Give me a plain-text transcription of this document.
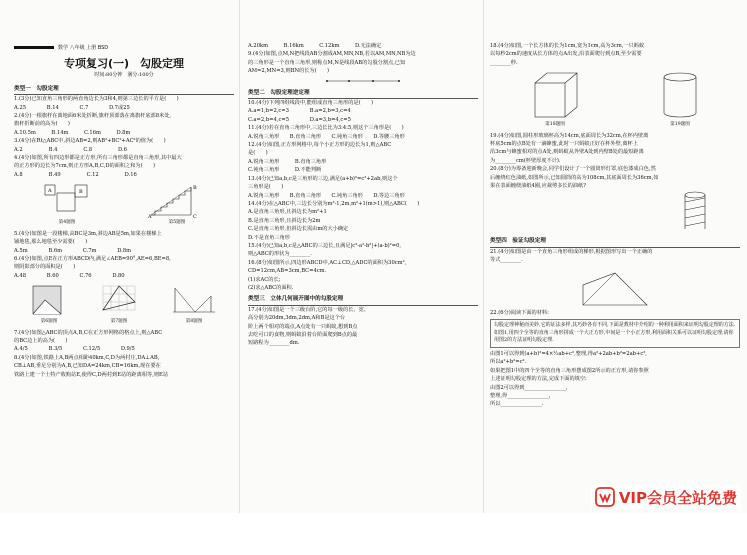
数学 八年级 上册 BSD
专项复习(一)　勾股定理
时间:80分钟　满分:100分
类型一　勾股定理
1.(3分)已知直角三角形的两直角边长为3和4,则第三边长的平方是(　　)
A.25　　　　B.14　　　　C.7　　　　D.7或25
2.(4分)一根旗杆在离地面6米处折断,旗杆顶部落在离旗杆底部8米处,
旗杆折断前的高为(　　)
A.10.5m　　　B.14m　　　C.16m　　　D.8m
3.(4分)在Rt△ABC中,斜边AB=2,则AB²+BC²+AC²的值为(　　)
A.2　　　　　B.4　　　　　C.8　　　　　D.6
4.(4分)如图,所有四边形都是正方形,所有三角形都是直角三角形,其中最大
的正方形的边长为7cm,则正方形A,B,C,D的面积之和为(　　)
A.8　　　　　B.49　　　　　C.12　　　　　D.16
A	B
第4题图
A
B
C
第5题图
5.(4分)如图是一段楼梯,高BC是3m,斜边AB是5m,如果在楼梯上
铺地毯,那么地毯至少需要(　　)
A.5m　　　　B.6m　　　　C.7m　　　　D.8m
6.(4分)如图,点E在正方形ABCD内,满足∠AEB=90°,AE=6,BE=8,
则阴影部分的面积是(　　)
A.48　　　　B.60　　　　C.76　　　　D.80
第6题图	第7题图	第8题图
7.(4分)如图△ABC的顶点A,B,C在正方形网格的格点上,则△ABC
的BC边上的高为(　　)
A.4/5　　　　B.3/5　　　　C.12/5　　　　D.9/5
8.(4分)如图,铁路上A,B两点相距40km,C,D为两村庄,DA⊥AB,
CB⊥AB,垂足分别为A,B,已知DA=24km,CB=16km,现在要在
铁路上建一个土特产收购站E,使得C,D两村到E站的距离相等,则E站
A.20km　　　B.16km　　　C.12km　　　D.无法确定
9.(4分)如图,点M,N把线段AB分割成AM,MN,NB,若以AM,MN,NB为边
的三角形是一个直角三角形,则称点M,N是线段AB的勾股分割点,已知
AM=2,MN=3,则BN的长为(　　)
类型二　勾股定理逆定理
10.(4分)下列四组线段中,能组成直角三角形的是(　　)
A.a=1,b=2,c=3　　　　B.a=2,b=3,c=4
C.a=2,b=4,c=5　　　　D.a=3,b=4,c=5
11.(4分)若在直角三角形中,三边长比为3:4:5,则这个三角形是(　　)
A.锐角三角形　　B.直角三角形　　C.钝角三角形　　D.等腰三角形
12.(4分)如图,正方形网格中,每个小正方形的边长为1,则△ABC
是(　　)
A.锐角三角形　　　B.直角三角形
C.钝角三角形　　　D.不能判断
13.(4分)已知a,b,c是三角形的三边,满足(a+b)²=c²+2ab,则这个
三角形是(　　)
A.锐角三角形　　B.直角三角形　　C.钝角三角形　　D.等边三角形
14.(4分)在△ABC中,三边长分别为m²-1,2m,m²+1(m>1),则△ABC(　　)
A.是直角三角形,且斜边长为m²+1
B.是直角三角形,且斜边长为2m
C.是直角三角形,但斜边长需由m的大小确定
D.不是直角三角形
15.(4分)已知a,b,c是△ABC的三边长,且满足|c²-a²-b²|+(a-b)²=0,
则△ABC的形状为________.
16.(8分)如图所示,四边形ABCD中,AC⊥CD,△ADC的面积为30cm²,
CD=12cm,AB=3cm,BC=4cm.
(1)求AC的长;
(2)求△ABC的面积.
类型三　立体几何展开图中的勾股定理
17.(4分)如图是一个三级台阶,它的每一级的长、宽、
高分别为20dm,3dm,2dm,A和B是这个台
阶上两个相对的端点,A点处有一只蚂蚁,想到B点
去吃可口的食物,则蚂蚁沿着台阶面爬到B点的最
短路程为________dm.
18.(4分)如图,一个长方体的长为1cm,宽为1cm,高为3cm,一只蚂蚁
以每秒2cm的速度从长方体的点A出发,沿表面爬行到点B,至少需要
________秒.
第18题图	第19题图
19.(4分)如图,圆柱形玻璃杯高为14cm,底面周长为32cm,在杯内壁离
杯底5cm的点B处有一滴蜂蜜,此时一只蚂蚁正好在杯外壁,离杯上
沿3cm与蜂蜜相对的点A处,则蚂蚁从外壁A处到内壁B处的最短距离
为________cm(杯壁厚度不计).
20.(8分)为筹备迎新晚会,同学们设计了一个圆筒形灯罩,底色漆成白色,然
后缠绕红色油纸,如图所示,已知圆筒的高为108cm,其底面周长为36cm,如
果在表面缠绕油纸4圈,应裁剪多长的油纸?
类型四　验证勾股定理
21.(4分)如图是由一个直角三角形组成的梯形,根据图形写出一个正确的
等式________.
22.(6分)阅读下面的材料:
勾股定理神秘而美妙,它的证法多样,其巧妙各有不同,下面是教材中介绍的一种利用面积来证明勾股定理的方法.如图1,用四个全等的直角三角形拼成一个大正方形,中间是一个小正方形,利用面积关系可以证明勾股定理,请你用图2的方法证明勾股定理.
由图1可以得到(a+b)²=4×½ab+c²,整理,得a²+2ab+b²=2ab+c²,
所以a²+b²=c².
如果把图1中的四个全等的直角三角形摆成图2所示的正方形,请你参照
上述证明勾股定理的方法,完成下面的填空:
由图2可以得到________________,
整理,得________________,
所以________________.
VIP会员全站免费
